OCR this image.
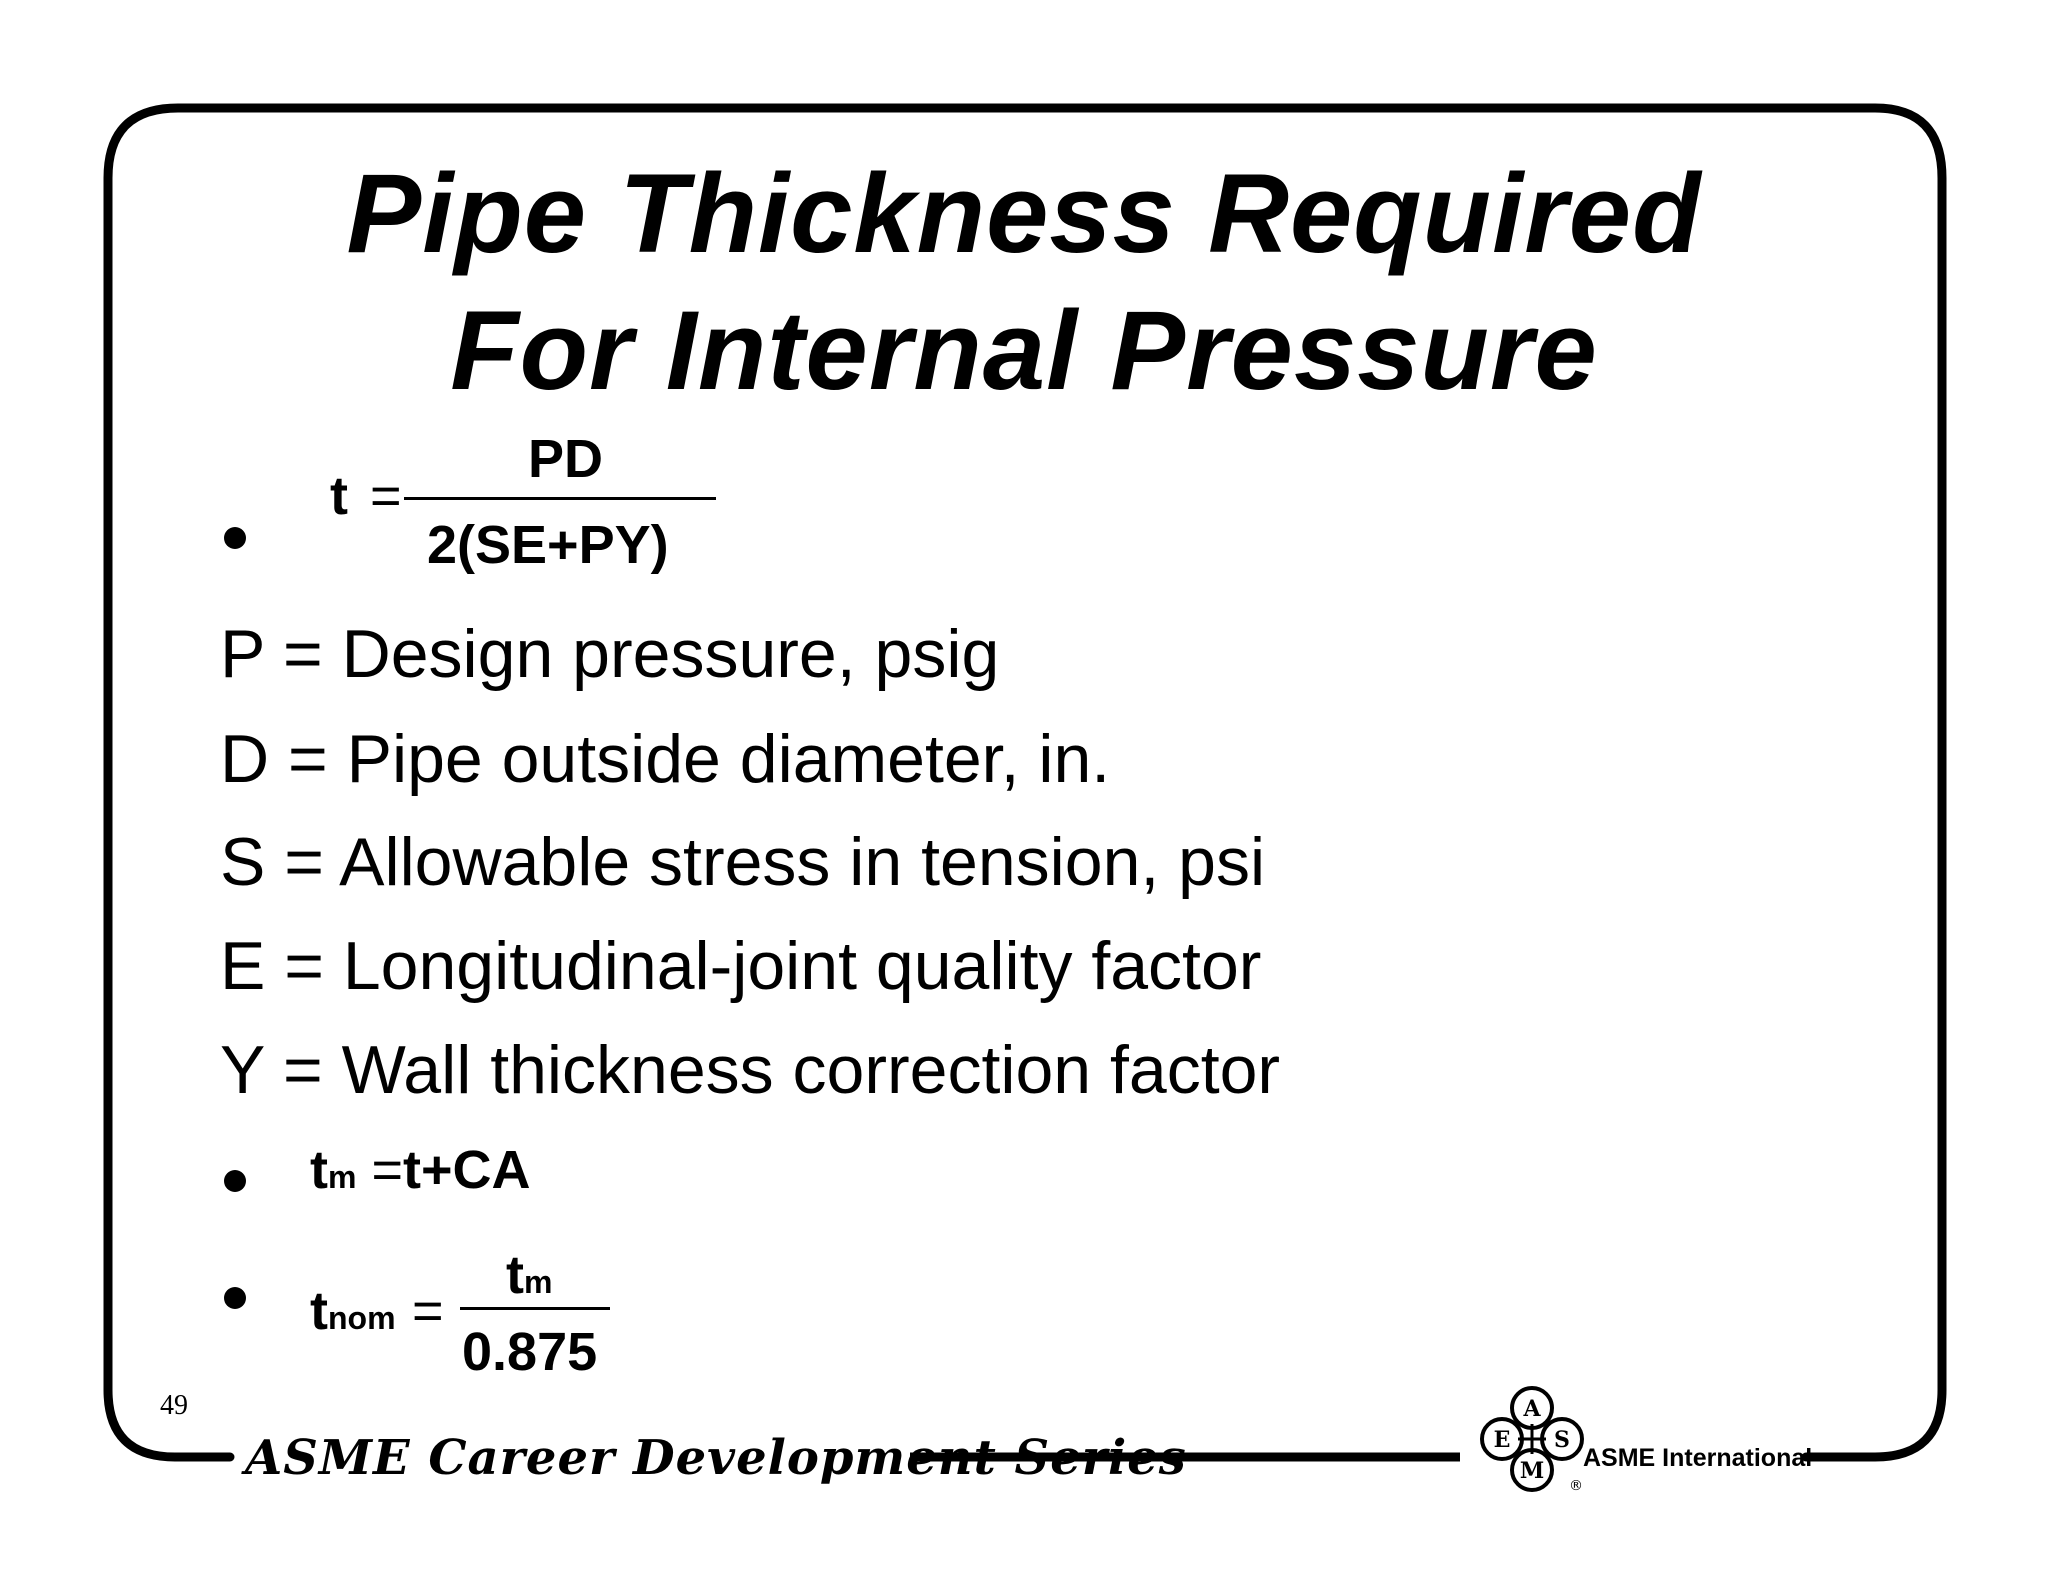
Pipe Thickness Required
For Internal Pressure
t =
PD
2(SE+PY)
P = Design pressure, psig
D = Pipe outside diameter, in.
S = Allowable stress in tension, psi
E = Longitudinal-joint quality factor
Y = Wall thickness correction factor
tm =t+CA
tnom =
tm
0.875
49
ASME Career Development Series
A
E S
M
®
ASME International
